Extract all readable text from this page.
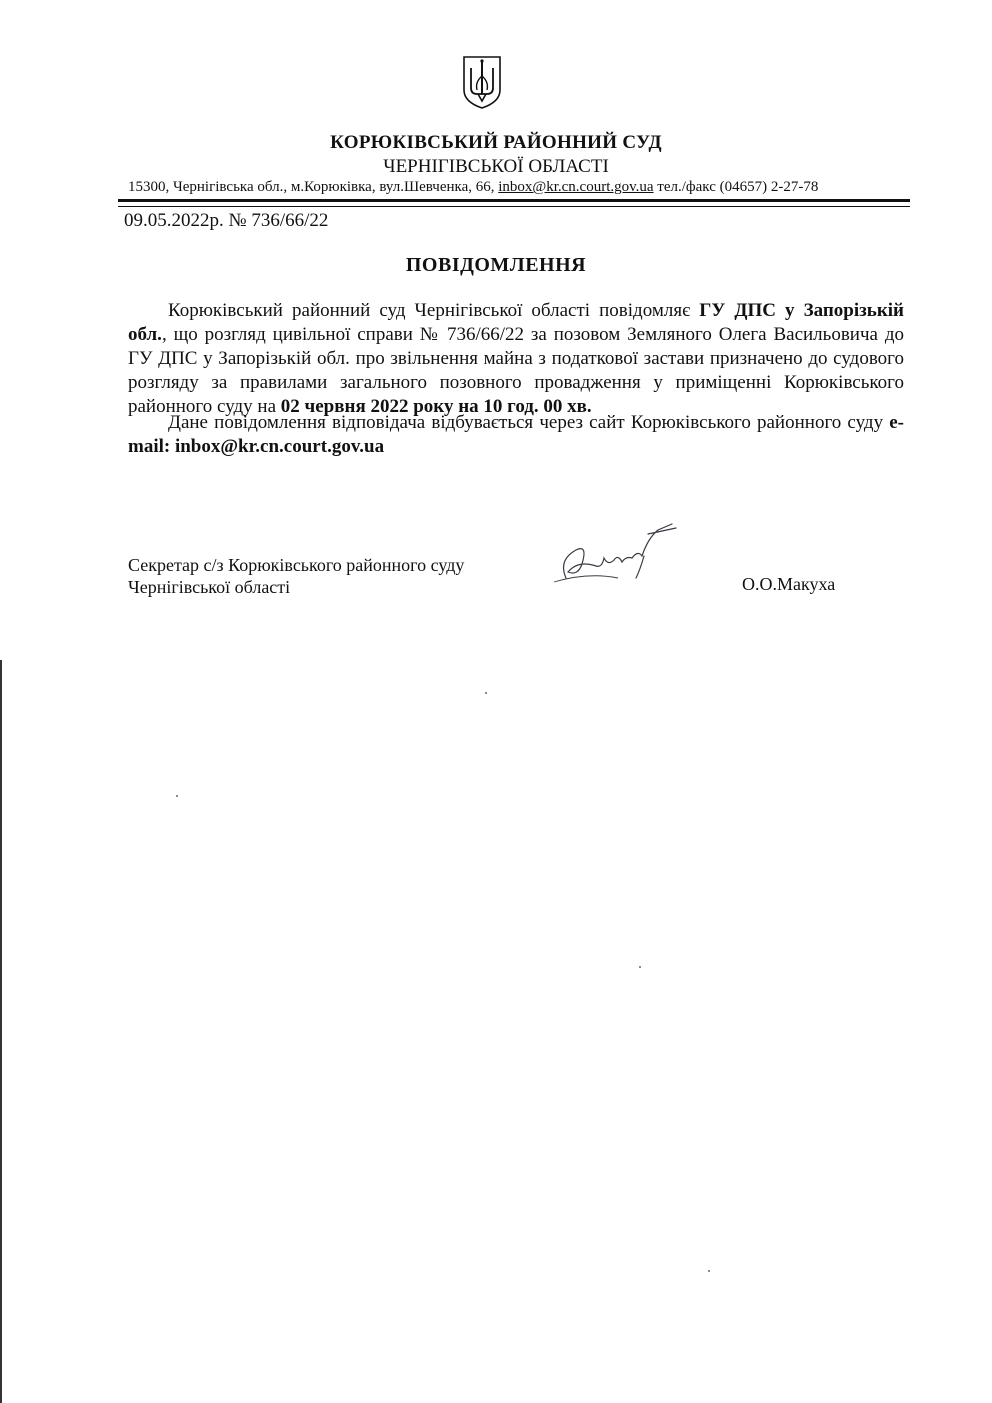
КОРЮКІВСЬКИЙ РАЙОННИЙ СУД
ЧЕРНІГІВСЬКОЇ ОБЛАСТІ
15300, Чернігівська обл., м.Корюківка, вул.Шевченка, 66, inbox@kr.cn.court.gov.ua тел./факс (04657) 2-27-78
09.05.2022р. № 736/66/22
ПОВІДОМЛЕННЯ
Корюківський районний суд Чернігівської області повідомляє ГУ ДПС у Запорізькій обл., що розгляд цивільної справи № 736/66/22 за позовом Земляного Олега Васильовича до ГУ ДПС у Запорізькій обл. про звільнення майна з податкової застави призначено до судового розгляду за правилами загального позовного провадження у приміщенні Корюківського районного суду на 02 червня 2022 року на 10 год. 00 хв.
Дане повідомлення відповідача відбувається через сайт Корюківського районного суду e-mail: inbox@kr.cn.court.gov.ua
Секретар с/з Корюківського районного суду
Чернігівської області	О.О.Макуха
